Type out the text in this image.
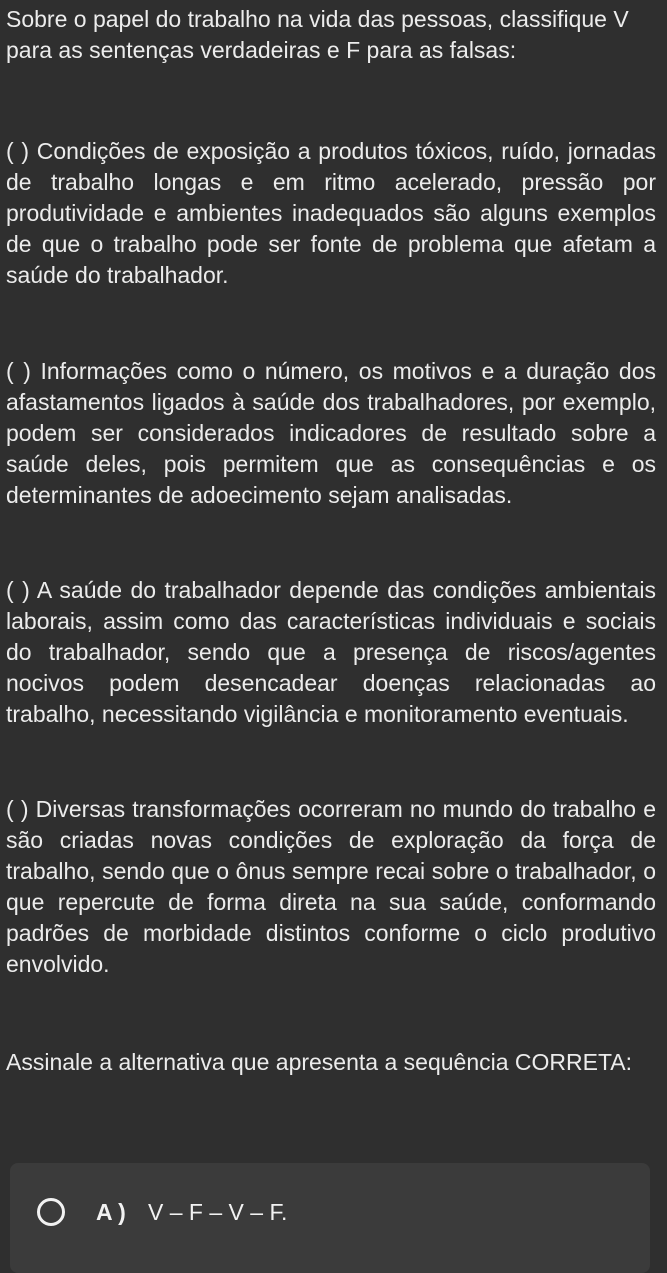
Sobre o papel do trabalho na vida das pessoas, classifique V para as sentenças verdadeiras e F para as falsas:

( ) Condições de exposição a produtos tóxicos, ruído, jornadas de trabalho longas e em ritmo acelerado, pressão por produtividade e ambientes inadequados são alguns exemplos de que o trabalho pode ser fonte de problema que afetam a saúde do trabalhador.

( ) Informações como o número, os motivos e a duração dos afastamentos ligados à saúde dos trabalhadores, por exemplo, podem ser considerados indicadores de resultado sobre a saúde deles, pois permitem que as consequências e os determinantes de adoecimento sejam analisadas.

( ) A saúde do trabalhador depende das condições ambientais laborais, assim como das características individuais e sociais do trabalhador, sendo que a presença de riscos/agentes nocivos podem desencadear doenças relacionadas ao trabalho, necessitando vigilância e monitoramento eventuais.

( ) Diversas transformações ocorreram no mundo do trabalho e são criadas novas condições de exploração da força de trabalho, sendo que o ônus sempre recai sobre o trabalhador, o que repercute de forma direta na sua saúde, conformando padrões de morbidade distintos conforme o ciclo produtivo envolvido.

Assinale a alternativa que apresenta a sequência CORRETA:

A ) V – F – V – F.
